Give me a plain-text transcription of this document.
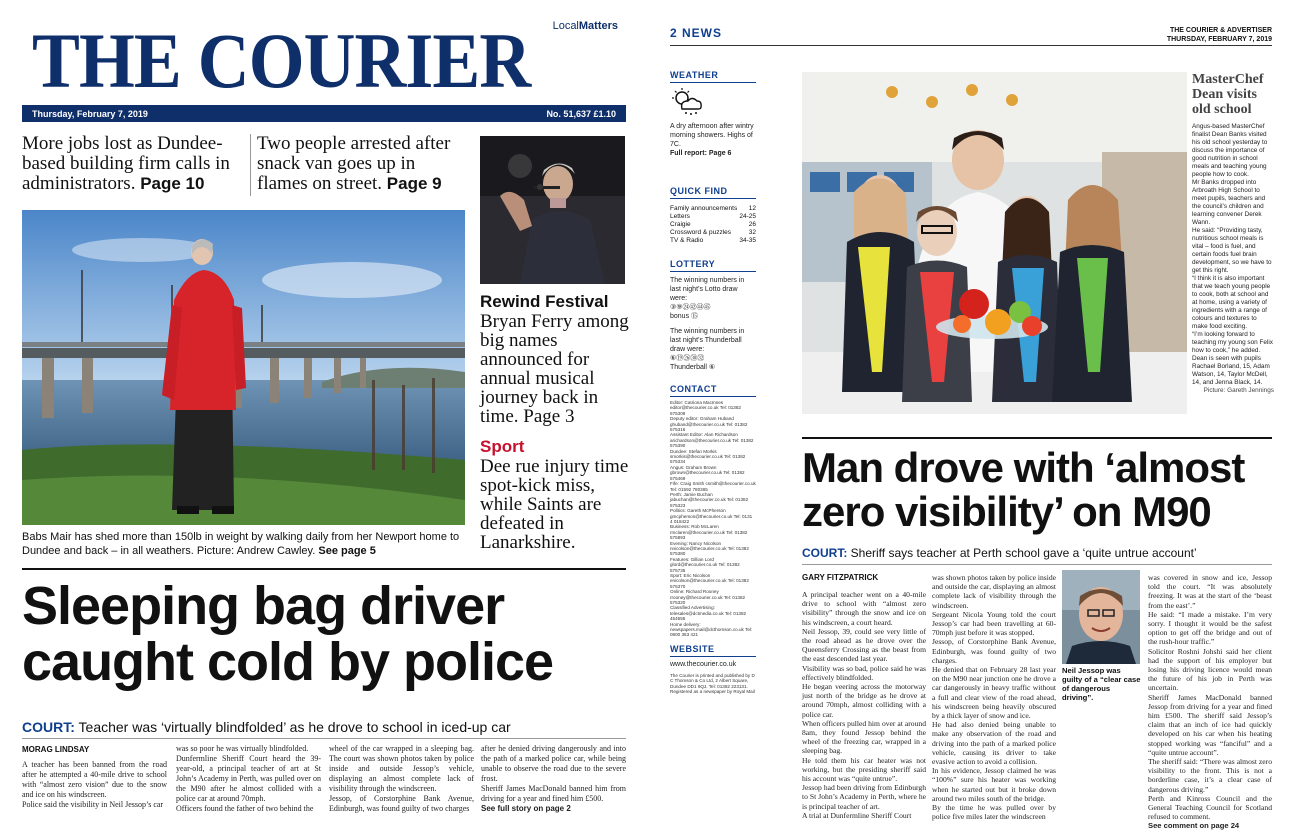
THE COURIER LocalMatters
Thursday, February 7, 2019	No. 51,637 £1.10
More jobs lost as Dundee-based building firm calls in administrators. Page 10
Two people arrested after snack van goes up in flames on street. Page 9
Rewind Festival
Bryan Ferry among big names announced for annual musical journey back in time. Page 3
Sport
Dee rue injury time spot-kick miss, while Saints are defeated in Lanarkshire.
Babs Mair has shed more than 150lb in weight by walking daily from her Newport home to Dundee and back – in all weathers. Picture: Andrew Cawley. See page 5
Sleeping bag driver
caught cold by police
COURT: Teacher was ‘virtually blindfolded’ as he drove to school in iced-up car
MORAG LINDSAY
A teacher has been banned from the road after he attempted a 40-mile drive to school with “almost zero vision” due to the snow and ice on his windscreen.
Police said the visibility in Neil Jessop’s car
was so poor he was virtually blindfolded.
Dunfermline Sheriff Court heard the 39-year-old, a principal teacher of art at St John’s Academy in Perth, was pulled over on the M90 after he almost collided with a police car at around 70mph.
Officers found the father of two behind the
wheel of the car wrapped in a sleeping bag. The court was shown photos taken by police inside and outside Jessop’s vehicle, displaying an almost complete lack of visibility through the windscreen.
Jessop, of Corstorphine Bank Avenue, Edinburgh, was found guilty of two charges
after he denied driving dangerously and into the path of a marked police car, while being unable to observe the road due to the severe frost.
Sheriff James MacDonald banned him from driving for a year and fined him £500.
See full story on page 2
2 NEWS	THE COURIER & ADVERTISER
THURSDAY, FEBRUARY 7, 2019
WEATHER
A dry afternoon after wintry morning showers. Highs of 7C.
Full report: Page 6
QUICK FIND
Family announcements 12
Letters	24-25
Craigie	26
Crossword & puzzles	32
TV & Radio	34-35
LOTTERY
The winning numbers in last night’s Lotto draw were:
③⑨㉔㊷㊹㊺
bonus ⑮
The winning numbers in last night’s Thunderball draw were:
⑥⑲㉖㉚㉜
Thunderball ⑥
CONTACT
Editor: Catriona MacInnes editor@thecourier.co.uk Tel: 01382 575309
Deputy editor: Graham Huband ghuband@thecourier.co.uk Tel: 01382 575316
Assistant Editor: Alan Richardson arichardson@thecourier.co.uk Tel: 01382 575390
Dundee: Stefan Morkis smorkis@thecourier.co.uk Tel: 01382 575334
Angus: Graham Brown gbrown@thecourier.co.uk Tel: 01382 575469
Fife: Craig Smith csmith@thecourier.co.uk Tel: 01592 780365
Perth: Jamie Buchan jabuchan@thecourier.co.uk Tel: 01382 575323
Politics: Gareth McPherson gmcpherson@thecourier.co.uk Tel: 0131 4 018422
Business: Rob McLaren rmclaren@thecourier.co.uk Tel: 01382 575893
Evening: Nancy Nicolson nnicolson@thecourier.co.uk Tel: 01382 575380
Features: Gillian Lord glord@thecourier.co.uk Tel: 01382 575735
Sport: Eric Nicolson enicolson@thecourier.co.uk Tel: 01382 575370
Online: Richard Rooney rrooney@thecourier.co.uk Tel: 01382 575320
Classified Advertising: telesales@dctmedia.co.uk Tel: 01382 454555
Home delivery: newspapers.mail@dcthomson.co.uk Tel: 0800 353 421
WEBSITE
www.thecourier.co.uk
The Courier is printed and published by D C Thomson & Co Ltd, 2 Albert Square, Dundee DD1 9QJ. Tel: 01382 223131. Registered as a newspaper by Royal Mail
MasterChef Dean visits old school
Angus-based MasterChef finalist Dean Banks visited his old school yesterday to discuss the importance of good nutrition in school meals and teaching young people how to cook.
Mr Banks dropped into Arbroath High School to meet pupils, teachers and the council’s children and learning convener Derek Wann.
He said: “Providing tasty, nutritious school meals is vital – food is fuel, and certain foods fuel brain development, so we have to get this right.
“I think it is also important that we teach young people to cook, both at school and at home, using a variety of ingredients with a range of colours and textures to make food exciting.
“I’m looking forward to teaching my young son Felix how to cook,” he added.
Dean is seen with pupils Rachael Borland, 15, Adam Watson, 14, Taylor McDell, 14, and Jenna Black, 14.
Picture: Gareth Jennings
Man drove with ‘almost
zero visibility’ on M90
COURT: Sheriff says teacher at Perth school gave a ‘quite untrue account’
GARY FITZPATRICK
A principal teacher went on a 40-mile drive to school with “almost zero visibility” through the snow and ice on his windscreen, a court heard.
Neil Jessop, 39, could see very little of the road ahead as he drove over the Queensferry Crossing as the beast from the east descended last year.
Visibility was so bad, police said he was effectively blindfolded.
He began veering across the motorway just north of the bridge as he drove at around 70mph, almost colliding with a police car.
When officers pulled him over at around 8am, they found Jessop behind the wheel of the freezing car, wrapped in a sleeping bag.
He told them his car heater was not working, but the presiding sheriff said his account was “quite untrue”.
Jessop had been driving from Edinburgh to St John’s Academy in Perth, where he is principal teacher of art.
A trial at Dunfermline Sheriff Court
was shown photos taken by police inside and outside the car, displaying an almost complete lack of visibility through the windscreen.
Sergeant Nicola Young told the court Jessop’s car had been travelling at 60-70mph just before it was stopped.
Jessop, of Corstorphine Bank Avenue, Edinburgh, was found guilty of two charges.
He denied that on February 28 last year on the M90 near junction one he drove a car dangerously in heavy traffic without a full and clear view of the road ahead, his windscreen being heavily obscured by a thick layer of snow and ice.
He had also denied being unable to make any observation of the road and driving into the path of a marked police vehicle, causing its driver to take evasive action to avoid a collision.
In his evidence, Jessop claimed he was “100%” sure his heater was working when he started out but it broke down around two miles south of the bridge.
By the time he was pulled over by police five miles later the windscreen
Neil Jessop was guilty of a “clear case of dangerous driving”.
was covered in snow and ice, Jessop told the court. “It was absolutely freezing. It was at the start of the ‘beast from the east’.”
He said: “I made a mistake. I’m very sorry. I thought it would be the safest option to get off the bridge and out of the rush-hour traffic.”
Solicitor Roshni Johshi said her client had the support of his employer but losing his driving licence would mean the future of his job in Perth was uncertain.
Sheriff James MacDonald banned Jessop from driving for a year and fined him £500. The sheriff said Jessop’s claim that an inch of ice had quickly developed on his car when his heating stopped working was “fanciful” and a “quite untrue account”.
The sheriff said: “There was almost zero visibility to the front. This is not a borderline case, it’s a clear case of dangerous driving.”
Perth and Kinross Council and the General Teaching Council for Scotland refused to comment.
See comment on page 24
